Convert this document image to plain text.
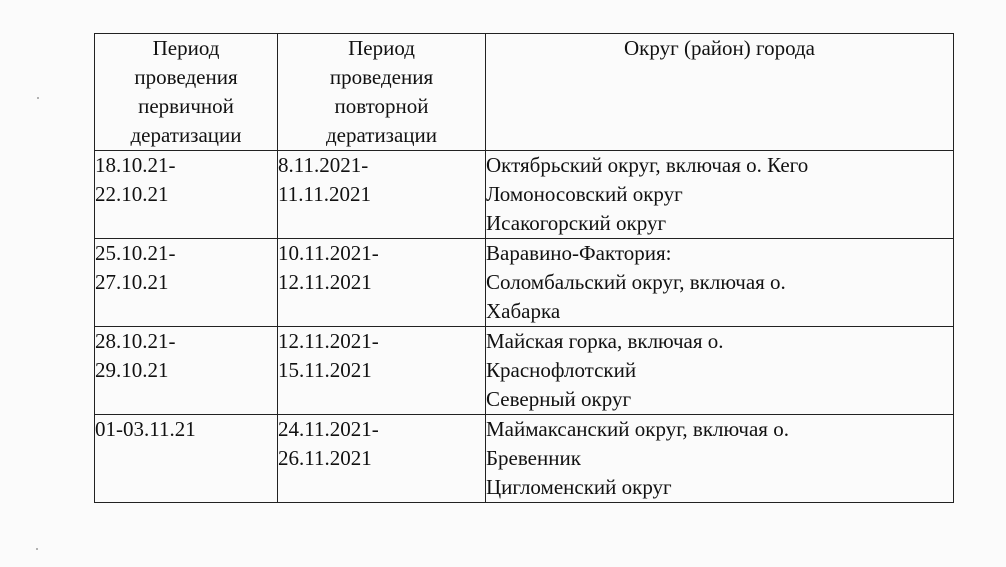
Период
проведения
первичной
дератизации	Период
проведения
повторной
дератизации	Округ (район) города

18.10.21-
22.10.21	8.11.2021-
11.11.2021	Октябрьский округ, включая о. Кего
Ломоносовский округ
Исакогорский округ

25.10.21-
27.10.21	10.11.2021-
12.11.2021	Варавино-Фактория:
Соломбальский округ, включая о.
Хабарка

28.10.21-
29.10.21	12.11.2021-
15.11.2021	Майская горка, включая о.
Краснофлотский
Северный округ

01-03.11.21	24.11.2021-
26.11.2021	Маймаксанский округ, включая о.
Бревенник
Цигломенский округ
